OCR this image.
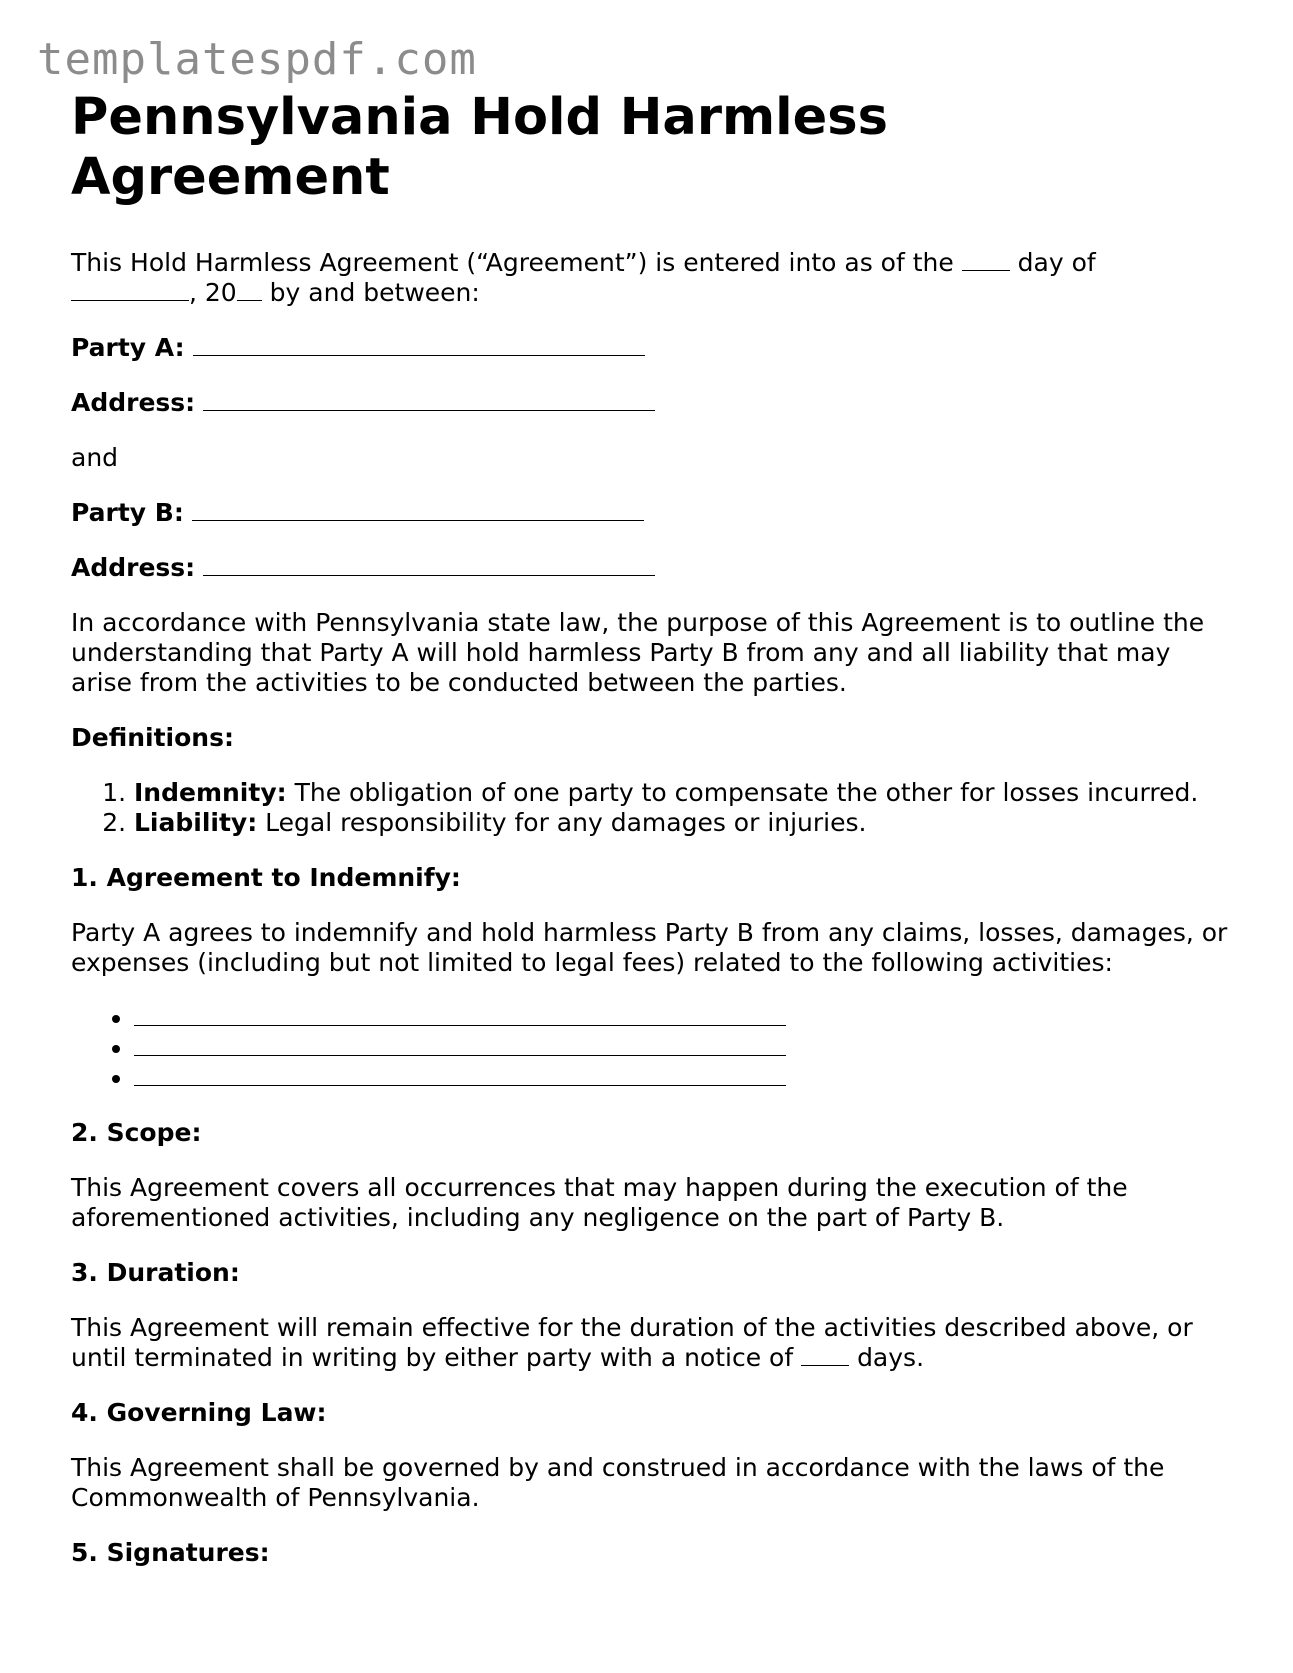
templatespdf.com
Pennsylvania Hold Harmless Agreement

This Hold Harmless Agreement (“Agreement”) is entered into as of the	day of
, 20 by and between:

Party A:

Address:

and

Party B:

Address:

In accordance with Pennsylvania state law, the purpose of this Agreement is to outline the understanding that Party A will hold harmless Party B from any and all liability that may arise from the activities to be conducted between the parties.

Definitions:

1. Indemnity: The obligation of one party to compensate the other for losses incurred.
2. Liability: Legal responsibility for any damages or injuries.

1. Agreement to Indemnify:

Party A agrees to indemnify and hold harmless Party B from any claims, losses, damages, or expenses (including but not limited to legal fees) related to the following activities:

•
•
•

2. Scope:

This Agreement covers all occurrences that may happen during the execution of the aforementioned activities, including any negligence on the part of Party B.

3. Duration:

This Agreement will remain effective for the duration of the activities described above, or until terminated in writing by either party with a notice of	days.

4. Governing Law:

This Agreement shall be governed by and construed in accordance with the laws of the Commonwealth of Pennsylvania.

5. Signatures:
